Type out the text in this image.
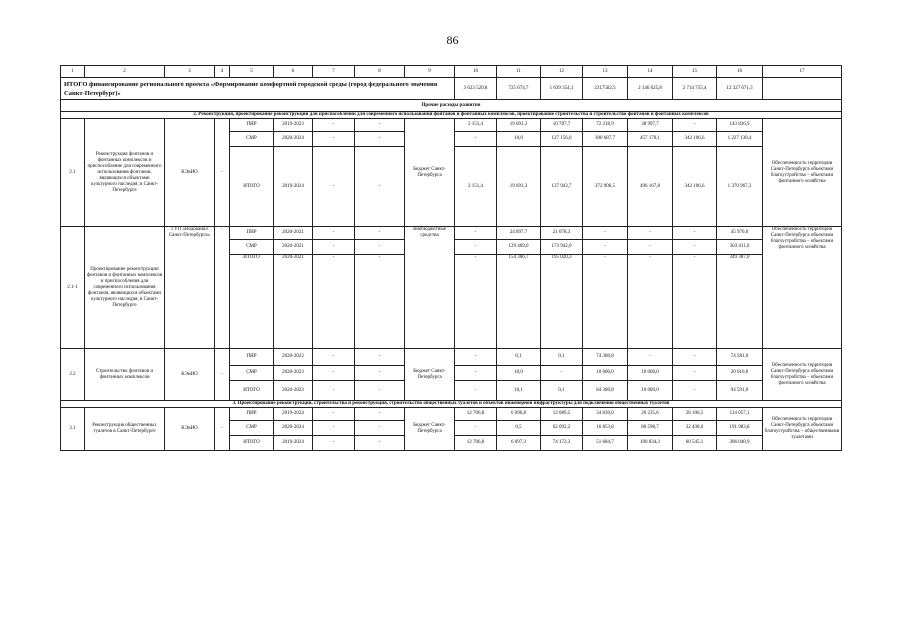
86
1	2	3	4	5	6	7	8	9	10	11	12	13	14	15	16	17
ИТОГО финансирование регионального проекта «Формирование комфортной городской среды (город федерального значения Санкт-Петербург)»									3 623 520,8	725 674,7	1 639 354,1	2317582,5	2 146 625,8	2 714 755,4	12 327 671,3	
Прочие расходы развития																
2. Реконструкция, проектирование реконструкции для приспособлений для современного использования фонтанов и фонтанных комплексов, проектирование строительства и строительство фонтанов и фонтанных комплексов																
2.1	Реконструкция фонтанов и фонтанных комплексов и приспособление для современного использования фонтанов, являющихся объектами культурного наследия, в Санкт-Петербурге	КЭиИО	-	ПИР	2019-2023	-	-	Бюджет Санкт-Петербурга	2 151,4	19 691,3	10 787,7	72 218,9	38 997,7	-	143 836,9	Обеспеченность территории Санкт-Петербурга объектами благоустройства – объектами фонтанного хозяйства
				СМР	2020-2024	-	-		-	10,0	127 156,0	300 687,7	457 170,1	342 106,6	1 227 130,4	
				ИТОГО	2019-2024	-	-		2 151,4	19 691,3	137 943,7	372 906,5	496 167,8	342 106,6	1 370 967,3	
2.1-1	Проектирование реконструкции фонтанов и фонтанных комплексов и приспособления для современного использования фонтанов, являющихся объектами культурного наследия, в Санкт-Петербурге	ГУП «Водоканал Санкт-Петербурга»	-	ПИР	2020-2021	-	-	Внебюджетные средства	-	24 897,7	21 078,3	-	-	-	45 976,0	Обеспеченность территории Санкт-Петербурга объектами благоустройства – объектами фонтанного хозяйства
				СМР	2020-2021	-	-		-	129 469,0	173 942,0	-	-	-	303 411,0	
				ИТОГО	2020-2021	-	-		-	154 366,7	195 020,3	-	-	-	349 387,0	
2.2	Строительство фонтанов и фонтанных комплексов	КЭиИО	-	ПИР	2020-2022	-	-	Бюджет Санкт-Петербурга	-	0,1	0,1	74 380,8	-	-	74 581,0	Обеспеченность территории Санкт-Петербурга объектами благоустройства – объектами фонтанного хозяйства
				СМР	2020-2023	-	-		-	10,0	-	10 000,0	10 000,0	-	20 010,0	
				ИТОГО	2020-2023	-	-		-	10,1	0,1	84 380,8	10 000,0	-	94 591,0	
3. Проектирование реконструкции, строительства и реконструкция, строительство общественных туалетов и объектов инженерной инфраструктуры для подключения общественных туалетов																
3.1	Реконструкция общественных туалетов в Санкт-Петербурге	КЭиИО	-	ПИР	2019-2024	-	-	Бюджет Санкт-Петербурга	12 706,8	6 096,8	12 089,5	34 830,0	20 235,6	28 106,5	114 057,1	Обеспеченность территории Санкт-Петербурга объектами благоустройства – общественными туалетами
				СМР	2020-2024	-	-		-	0,5	62 092,2	16 853,8	80 598,7	32 438,6	191 983,8	
				ИТОГО	2019-2024	-	-		12 706,8	6 097,3	74 172,3	51 684,7	100 834,3	60 545,1	306 040,9	
